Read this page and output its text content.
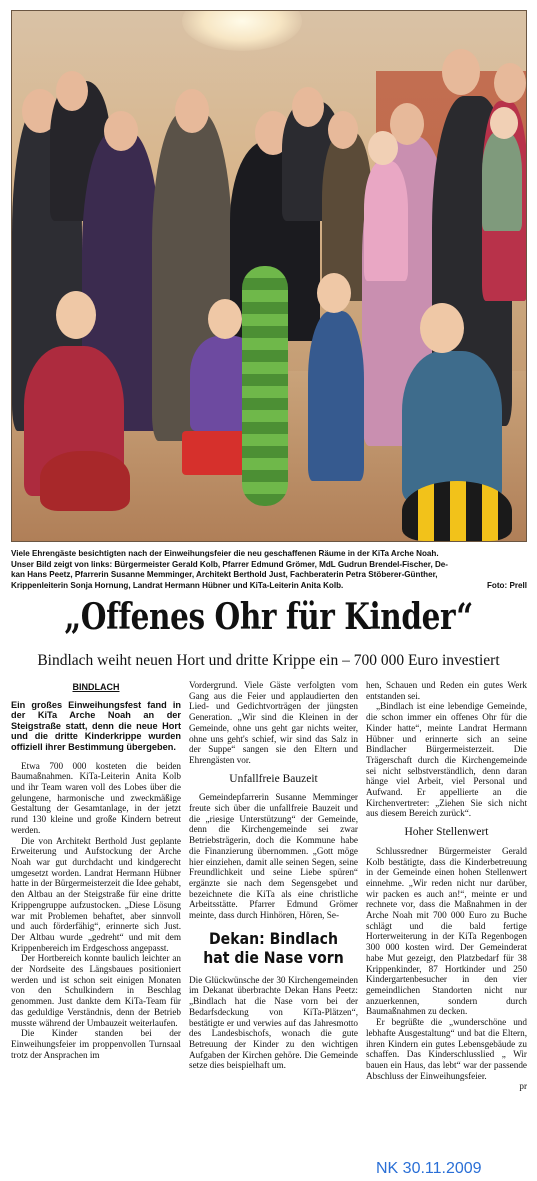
Viele Ehrengäste besichtigten nach der Einweihungsfeier die neu geschaffenen Räume in der KiTa Arche Noah.
Unser Bild zeigt von links: Bürgermeister Gerald Kolb, Pfarrer Edmund Grömer, MdL Gudrun Brendel-Fischer, De-
kan Hans Peetz, Pfarrerin Susanne Memminger, Architekt Berthold Just, Fachberaterin Petra Stöberer-Günther,
Krippenleiterin Sonja Hornung, Landrat Hermann Hübner und KiTa-Leiterin Anita Kolb.	Foto: Prell
„Offenes Ohr für Kinder“
Bindlach weiht neuen Hort und dritte Krippe ein – 700 000 Euro investiert
BINDLACH

Ein großes Einweihungsfest fand in der KiTa Arche Noah an der Steigstraße statt, denn die neue Hort und die dritte Kinderkrippe wurden offiziell ihrer Bestimmung übergeben.

Etwa 700 000 kosteten die beiden Baumaßnahmen. KiTa-Leiterin Anita Kolb und ihr Team waren voll des Lobes über die gelungene, harmonische und zweckmäßige Gestaltung der Gesamtanlage, in der jetzt rund 130 kleine und große Kindern betreut werden.

Die von Architekt Berthold Just geplante Erweiterung und Aufstockung der Arche Noah war gut durchdacht und kindgerecht umgesetzt worden. Landrat Hermann Hübner hatte in der Bürgermeisterzeit die Idee gehabt, den Altbau an der Steigstraße für eine dritte Krippengruppe aufzustocken. „Diese Lösung war mit Problemen behaftet, aber sinnvoll und auch förderfähig“, erinnerte sich Just. Der Altbau wurde „gedreht“ und mit dem Krippenbereich im Erdgeschoss angepasst.

Der Hortbereich konnte baulich leichter an der Nordseite des Längsbaues positioniert werden und ist schon seit einigen Monaten von den Schulkindern in Beschlag genommen. Just dankte dem KiTa-Team für das geduldige Verständnis, denn der Betrieb musste während der Umbauzeit weiterlaufen.

Die Kinder standen bei der Einweihungsfeier im proppenvollen Turnsaal trotz der Ansprachen im

Vordergrund. Viele Gäste verfolgten vom Gang aus die Feier und applaudierten den Lied- und Gedichtvorträgen der jüngsten Generation. „Wir sind die Kleinen in der Gemeinde, ohne uns geht gar nichts weiter, ohne uns geht's schief, wir sind das Salz in der Suppe“ sangen sie den Eltern und Ehrengästen vor.

Unfallfreie Bauzeit

Gemeindepfarrerin Susanne Memminger freute sich über die unfallfreie Bauzeit und die „riesige Unterstützung“ der Gemeinde, denn die Kirchengemeinde sei zwar Betriebsträgerin, doch die Kommune habe die Finanzierung übernommen. „Gott möge hier einziehen, damit alle seinen Segen, seine Freundlichkeit und seine Liebe spüren“ ergänzte sie nach dem Segensgebet und bezeichnete die KiTa als eine christliche Arbeitsstätte. Pfarrer Edmund Grömer meinte, dass durch Hinhören, Hören, Se-

Dekan: Bindlach hat die Nase vorn

Die Glückwünsche der 30 Kirchengemeinden im Dekanat überbrachte Dekan Hans Peetz: „Bindlach hat die Nase vorn bei der Bedarfsdeckung von KiTa-Plätzen“, bestätigte er und verwies auf das Jahresmotto des Landesbischofs, wonach die gute Betreuung der Kinder zu den wichtigen Aufgaben der Kirchen gehöre. Die Gemeinde setze dies beispielhaft um.

hen, Schauen und Reden ein gutes Werk entstanden sei.

„Bindlach ist eine lebendige Gemeinde, die schon immer ein offenes Ohr für die Kinder hatte“, meinte Landrat Hermann Hübner und erinnerte sich an seine Bindlacher Bürgermeisterzeit. Die Trägerschaft durch die Kirchengemeinde sei nicht selbstverständlich, denn daran hänge viel Arbeit, viel Personal und Aufwand. Er appellierte an die Kirchenvertreter: „Ziehen Sie sich nicht aus diesem Bereich zurück“.

Hoher Stellenwert

Schlussredner Bürgermeister Gerald Kolb bestätigte, dass die Kinderbetreuung in der Gemeinde einen hohen Stellenwert einnehme. „Wir reden nicht nur darüber, wir packen es auch an!“, meinte er und rechnete vor, dass die Maßnahmen in der Arche Noah mit 700 000 Euro zu Buche schlägt und die bald fertige Horterweiterung in der KiTa Regenbogen 300 000 kosten wird. Der Gemeinderat habe Mut gezeigt, den Platzbedarf für 38 Krippenkinder, 87 Hortkinder und 250 Kindergartenbesucher in den vier gemeindlichen Standorten nicht nur anzuerkennen, sondern durch Baumaßnahmen zu decken.

Er begrüßte die „wunderschöne und lebhafte Ausgestaltung“ und bat die Eltern, ihren Kindern ein gutes Lebensgebäude zu schaffen. Das Kinderschlusslied „ Wir bauen ein Haus, das lebt“ war der passende Abschluss der Einweihungsfeier.

pr
NK 30.11.2009
